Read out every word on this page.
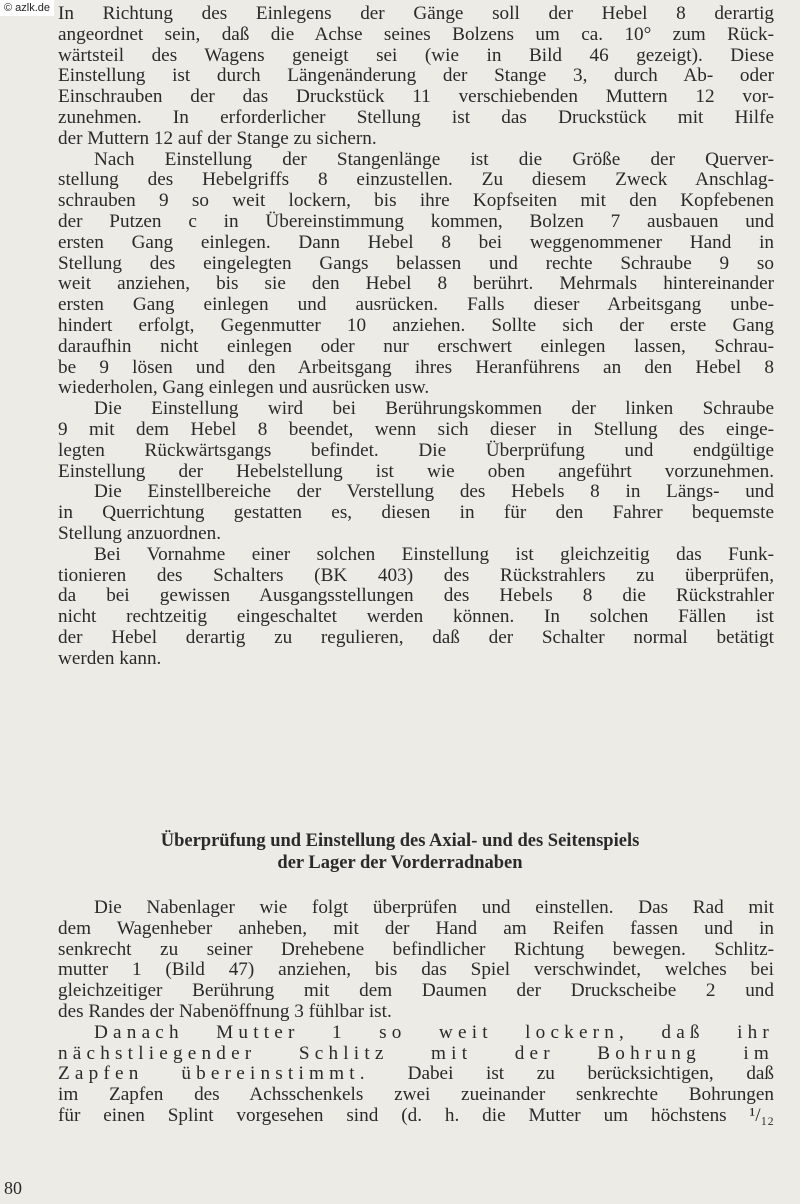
© azlk.de In Richtung des Einlegens der Gänge soll der Hebel 8 derartig
angeordnet sein, daß die Achse seines Bolzens um ca. 10° zum Rück-
wärtsteil des Wagens geneigt sei (wie in Bild 46 gezeigt). Diese
Einstellung ist durch Längenänderung der Stange 3, durch Ab- oder
Einschrauben der das Druckstück 11 verschiebenden Muttern 12 vor-
zunehmen. In erforderlicher Stellung ist das Druckstück mit Hilfe
der Muttern 12 auf der Stange zu sichern.
Nach Einstellung der Stangenlänge ist die Größe der Querver-
stellung des Hebelgriffs 8 einzustellen. Zu diesem Zweck Anschlag-
schrauben 9 so weit lockern, bis ihre Kopfseiten mit den Kopfebenen
der Putzen c in Übereinstimmung kommen, Bolzen 7 ausbauen und
ersten Gang einlegen. Dann Hebel 8 bei weggenommener Hand in
Stellung des eingelegten Gangs belassen und rechte Schraube 9 so
weit anziehen, bis sie den Hebel 8 berührt. Mehrmals hintereinander
ersten Gang einlegen und ausrücken. Falls dieser Arbeitsgang unbe-
hindert erfolgt, Gegenmutter 10 anziehen. Sollte sich der erste Gang
daraufhin nicht einlegen oder nur erschwert einlegen lassen, Schrau-
be 9 lösen und den Arbeitsgang ihres Heranführens an den Hebel 8
wiederholen, Gang einlegen und ausrücken usw.
Die Einstellung wird bei Berührungskommen der linken Schraube
9 mit dem Hebel 8 beendet, wenn sich dieser in Stellung des einge-
legten Rückwärtsgangs befindet. Die Überprüfung und endgültige
Einstellung der Hebelstellung ist wie oben angeführt vorzunehmen.
Die Einstellbereiche der Verstellung des Hebels 8 in Längs- und
in Querrichtung gestatten es, diesen in für den Fahrer bequemste
Stellung anzuordnen.
Bei Vornahme einer solchen Einstellung ist gleichzeitig das Funk-
tionieren des Schalters (BK 403) des Rückstrahlers zu überprüfen,
da bei gewissen Ausgangsstellungen des Hebels 8 die Rückstrahler
nicht rechtzeitig eingeschaltet werden können. In solchen Fällen ist
der Hebel derartig zu regulieren, daß der Schalter normal betätigt
werden kann.
Überprüfung und Einstellung des Axial- und des Seitenspiels
der Lager der Vorderradnaben
Die Nabenlager wie folgt überprüfen und einstellen. Das Rad mit
dem Wagenheber anheben, mit der Hand am Reifen fassen und in
senkrecht zu seiner Drehebene befindlicher Richtung bewegen. Schlitz-
mutter 1 (Bild 47) anziehen, bis das Spiel verschwindet, welches bei
gleichzeitiger Berührung mit dem Daumen der Druckscheibe 2 und
des Randes der Nabenöffnung 3 fühlbar ist.
Danach Mutter 1 so weit lockern, daß ihr
nächstliegender Schlitz mit der Bohrung im
Zapfen übereinstimmt. Dabei ist zu berücksichtigen, daß
im Zapfen des Achsschenkels zwei zueinander senkrechte Bohrungen
für einen Splint vorgesehen sind (d. h. die Mutter um höchstens ¹/₁₂
80
